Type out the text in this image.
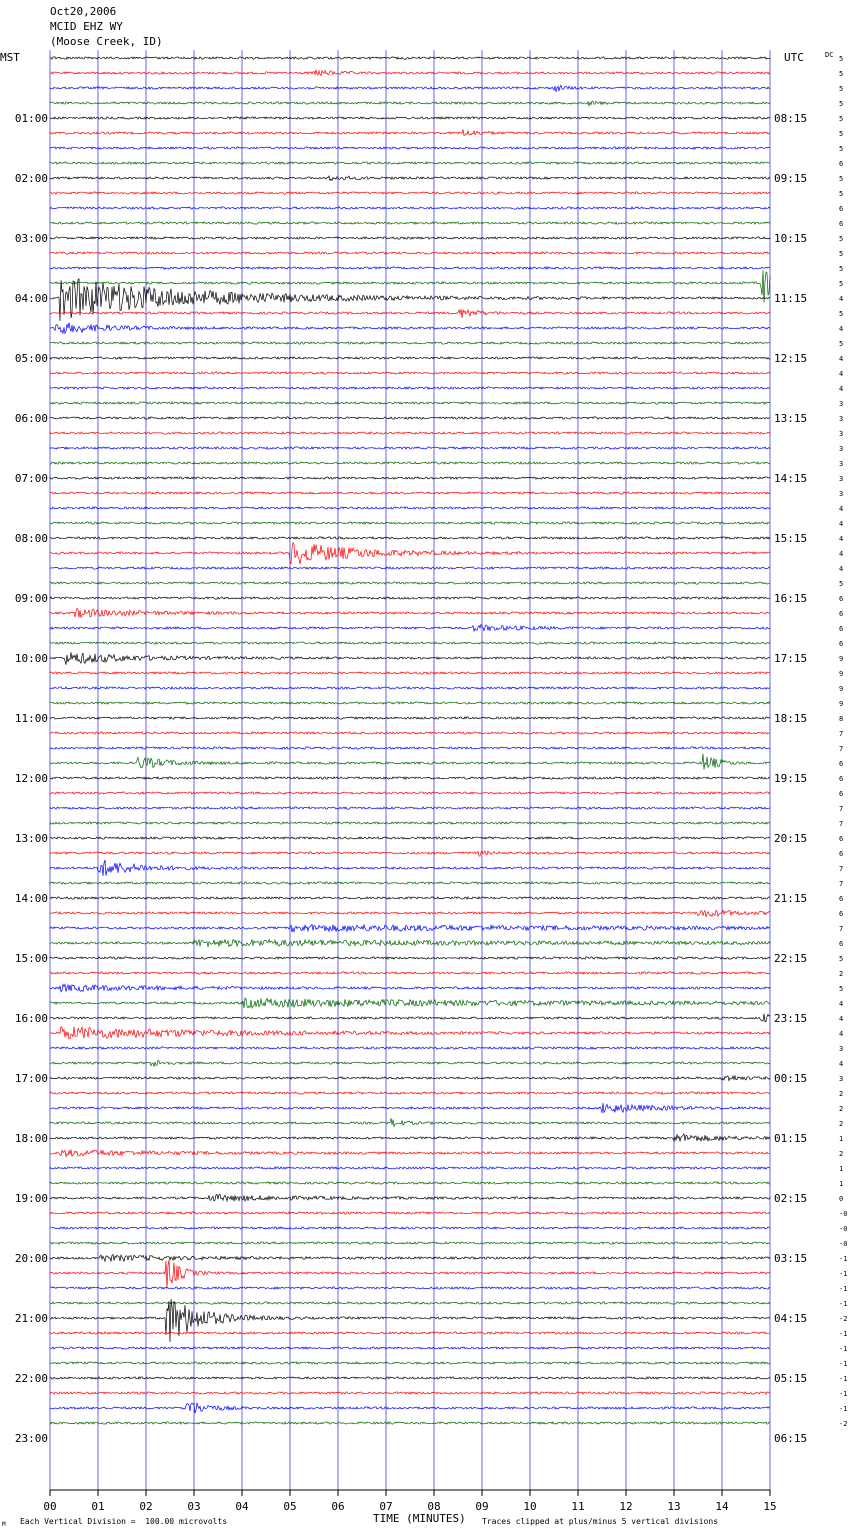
01:00
02:00
03:00
04:00
05:00
06:00
07:00
08:00
09:00
10:00
11:00
12:00
13:00
14:00
15:00
16:00
17:00
18:00
19:00
20:00
21:00
22:00
23:00
08:15
09:15
10:15
11:15
12:15
13:15
14:15
15:15
16:15
17:15
18:15
19:15
20:15
21:15
22:15
23:15
00:15
01:15
02:15
03:15
04:15
05:15
06:15
5
5
5
5
5
5
5
6
5
5
6
6
5
5
5
5
4
5
4
5
4
4
4
3
3
3
3
3
3
3
4
4
4
4
4
5
6
6
6
6
9
9
9
9
8
7
7
6
6
6
7
7
6
6
7
7
6
6
7
6
5
2
5
4
4
4
3
4
3
2
2
2
1
2
1
1
0
-0
-0
-0
-1
-1
-1
-1
-2
-1
-1
-1
-1
-1
-1
-2
00	01	02	03	04	05	06	07	08	09	10	11	12	13	14	15
Oct20,2006
MCID EHZ WY
(Moose Creek, ID)
MST	UTC	DC
M Each Vertical Division =  100.00 microvolts	TIME (MINUTES) Traces clipped at plus/minus 5 vertical divisions
